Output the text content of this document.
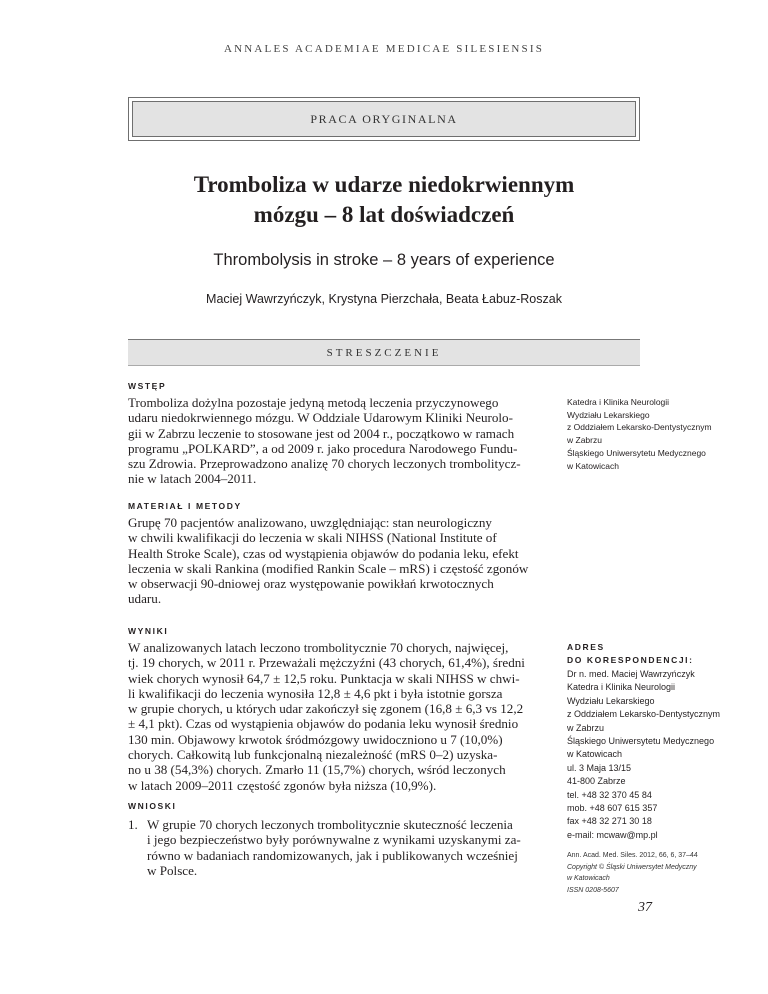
ANNALES ACADEMIAE MEDICAE SILESIENSIS
PRACA ORYGINALNA
Tromboliza w udarze niedokrwiennym
mózgu – 8 lat doświadczeń
Thrombolysis in stroke – 8 years of experience
Maciej Wawrzyńczyk, Krystyna Pierzchała, Beata Łabuz-Roszak
STRESZCZENIE
WSTĘP
Tromboliza dożylna pozostaje jedyną metodą leczenia przyczynowego
udaru niedokrwiennego mózgu. W Oddziale Udarowym Kliniki Neurolo-
gii w Zabrzu leczenie to stosowane jest od 2004 r., początkowo w ramach
programu „POLKARD”, a od 2009 r. jako procedura Narodowego Fundu-
szu Zdrowia. Przeprowadzono analizę 70 chorych leczonych trombolitycz-
nie w latach 2004–2011.
MATERIAŁ I METODY
Grupę 70 pacjentów analizowano, uwzględniając: stan neurologiczny
w chwili kwalifikacji do leczenia w skali NIHSS (National Institute of
Health Stroke Scale), czas od wystąpienia objawów do podania leku, efekt
leczenia w skali Rankina (modified Rankin Scale – mRS) i częstość zgonów
w obserwacji 90-dniowej oraz występowanie powikłań krwotocznych
udaru.
WYNIKI
W analizowanych latach leczono trombolitycznie 70 chorych, najwięcej,
tj. 19 chorych, w 2011 r. Przeważali mężczyźni (43 chorych, 61,4%), średni
wiek chorych wynosił 64,7 ± 12,5 roku. Punktacja w skali NIHSS w chwi-
li kwalifikacji do leczenia wynosiła 12,8 ± 4,6 pkt i była istotnie gorsza
w grupie chorych, u których udar zakończył się zgonem (16,8 ± 6,3 vs 12,2
± 4,1 pkt). Czas od wystąpienia objawów do podania leku wynosił średnio
130 min. Objawowy krwotok śródmózgowy uwidoczniono u 7 (10,0%)
chorych. Całkowitą lub funkcjonalną niezależność (mRS 0–2) uzyska-
no u 38 (54,3%) chorych. Zmarło 11 (15,7%) chorych, wśród leczonych
w latach 2009–2011 częstość zgonów była niższa (10,9%).
WNIOSKI
1. W grupie 70 chorych leczonych trombolitycznie skuteczność leczenia
i jego bezpieczeństwo były porównywalne z wynikami uzyskanymi za-
równo w badaniach randomizowanych, jak i publikowanych wcześniej
w Polsce.
Katedra i Klinika Neurologii
Wydziału Lekarskiego
z Oddziałem Lekarsko-Dentystycznym
w Zabrzu
Śląskiego Uniwersytetu Medycznego
w Katowicach
ADRES
DO KORESPONDENCJI:
Dr n. med. Maciej Wawrzyńczyk
Katedra i Klinika Neurologii
Wydziału Lekarskiego
z Oddziałem Lekarsko-Dentystycznym
w Zabrzu
Śląskiego Uniwersytetu Medycznego
w Katowicach
ul. 3 Maja 13/15
41-800 Zabrze
tel. +48 32 370 45 84
mob. +48 607 615 357
fax +48 32 271 30 18
e-mail: mcwaw@mp.pl
Ann. Acad. Med. Siles. 2012, 66, 6, 37–44
Copyright © Śląski Uniwersytet Medyczny
w Katowicach
ISSN 0208-5607
37
